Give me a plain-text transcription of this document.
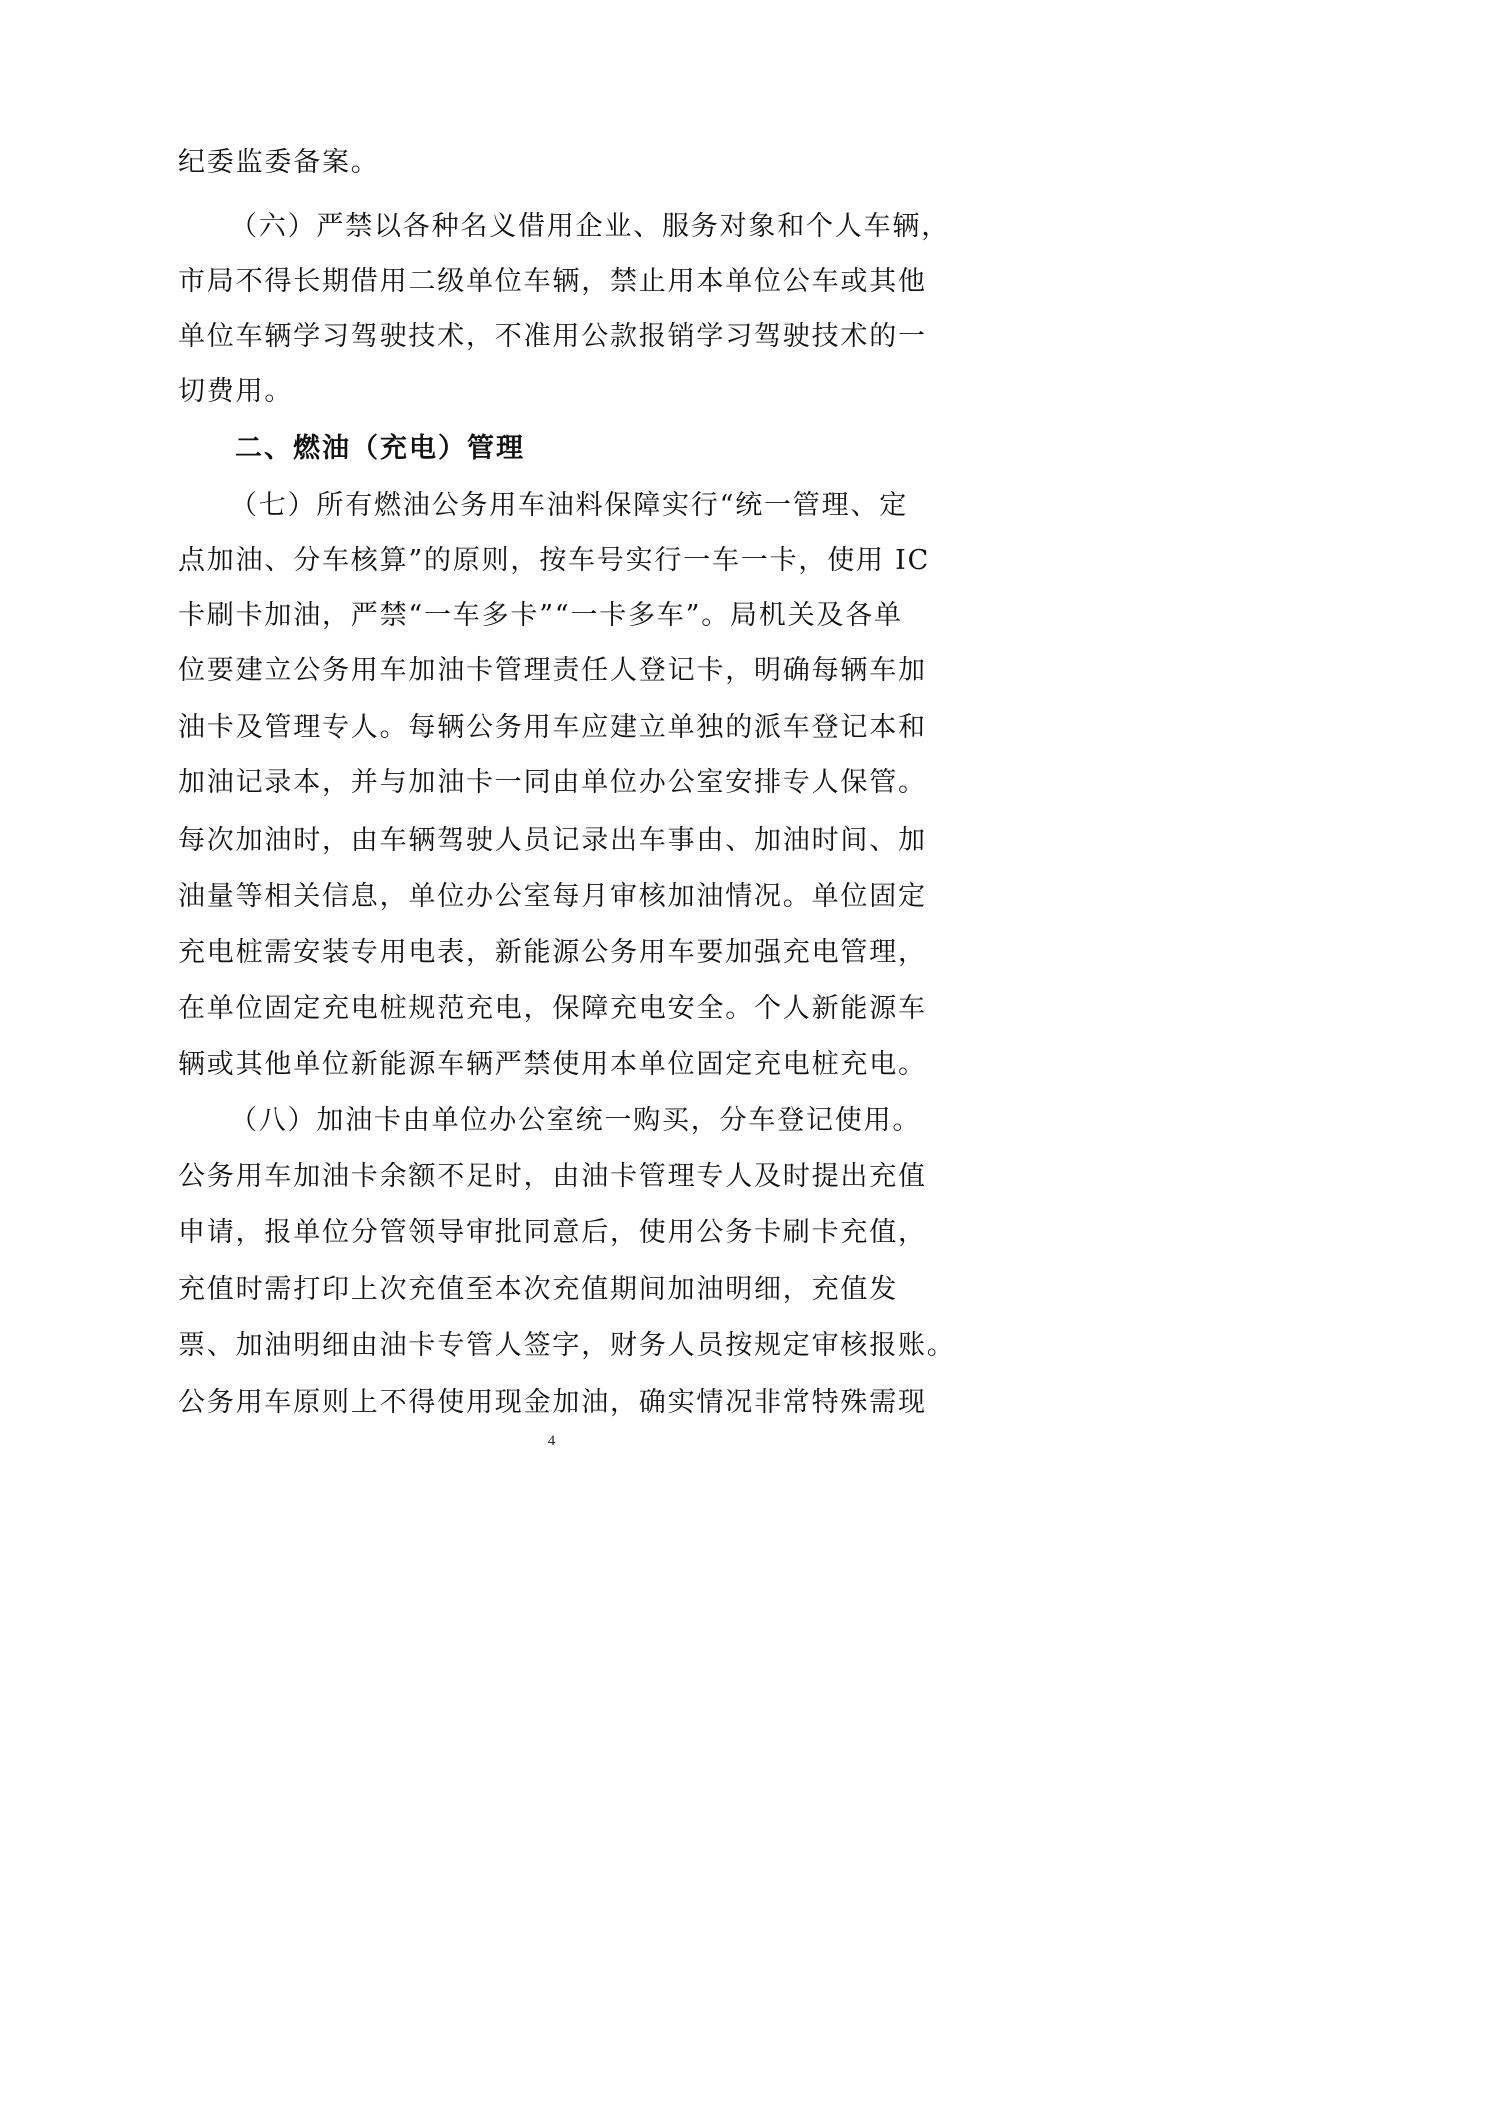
纪委监委备案。
（六）严禁以各种名义借用企业、服务对象和个人车辆，
市局不得长期借用二级单位车辆，禁止用本单位公车或其他
单位车辆学习驾驶技术，不准用公款报销学习驾驶技术的一
切费用。
二、燃油（充电）管理
（七）所有燃油公务用车油料保障实行“统一管理、定
点加油、分车核算”的原则，按车号实行一车一卡，使用 IC
卡刷卡加油，严禁“一车多卡”“一卡多车”。局机关及各单
位要建立公务用车加油卡管理责任人登记卡，明确每辆车加
油卡及管理专人。每辆公务用车应建立单独的派车登记本和
加油记录本，并与加油卡一同由单位办公室安排专人保管。
每次加油时，由车辆驾驶人员记录出车事由、加油时间、加
油量等相关信息，单位办公室每月审核加油情况。单位固定
充电桩需安装专用电表，新能源公务用车要加强充电管理，
在单位固定充电桩规范充电，保障充电安全。个人新能源车
辆或其他单位新能源车辆严禁使用本单位固定充电桩充电。
（八）加油卡由单位办公室统一购买，分车登记使用。
公务用车加油卡余额不足时，由油卡管理专人及时提出充值
申请，报单位分管领导审批同意后，使用公务卡刷卡充值，
充值时需打印上次充值至本次充值期间加油明细，充值发
票、加油明细由油卡专管人签字，财务人员按规定审核报账。
公务用车原则上不得使用现金加油，确实情况非常特殊需现
4
